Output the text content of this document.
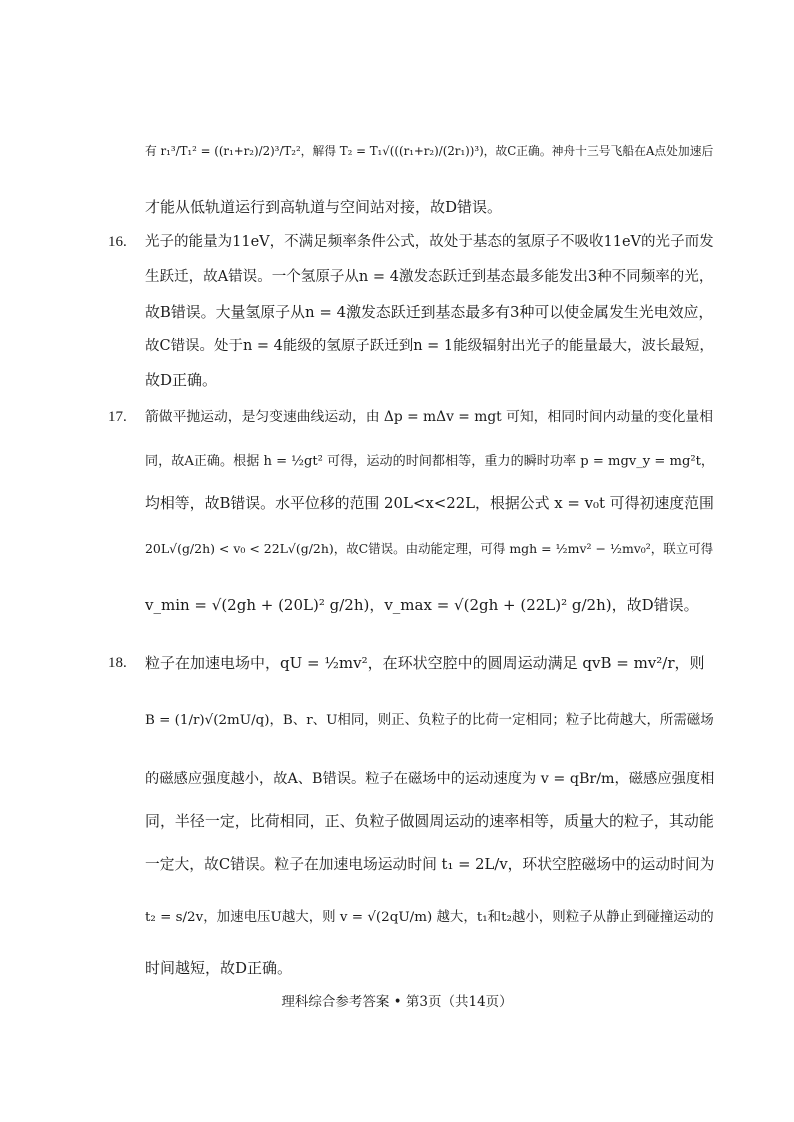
有 r₁³/T₁² = ((r₁+r₂)/2)³/T₂²，解得 T₂ = T₁√(((r₁+r₂)/(2r₁))³)，故C正确。神舟十三号飞船在A点处加速后
才能从低轨道运行到高轨道与空间站对接，故D错误。
16. 光子的能量为11eV，不满足频率条件公式，故处于基态的氢原子不吸收11eV的光子而发
生跃迁，故A错误。一个氢原子从n = 4激发态跃迁到基态最多能发出3种不同频率的光，
故B错误。大量氢原子从n = 4激发态跃迁到基态最多有3种可以使金属发生光电效应，
故C错误。处于n = 4能级的氢原子跃迁到n = 1能级辐射出光子的能量最大，波长最短，
故D正确。
17. 箭做平抛运动，是匀变速曲线运动，由 Δp = mΔv = mgt 可知，相同时间内动量的变化量相
同，故A正确。根据 h = ½gt² 可得，运动的时间都相等，重力的瞬时功率 p = mgv_y = mg²t，
均相等，故B错误。水平位移的范围 20L<x<22L，根据公式 x = v₀t 可得初速度范围
20L√(g/2h) < v₀ < 22L√(g/2h)，故C错误。由动能定理，可得 mgh = ½mv² − ½mv₀²，联立可得
v_min = √(2gh + (20L)² g/2h)，v_max = √(2gh + (22L)² g/2h)，故D错误。
18. 粒子在加速电场中，qU = ½mv²，在环状空腔中的圆周运动满足 qvB = mv²/r，则
B = (1/r)√(2mU/q)，B、r、U相同，则正、负粒子的比荷一定相同；粒子比荷越大，所需磁场
的磁感应强度越小，故A、B错误。粒子在磁场中的运动速度为 v = qBr/m，磁感应强度相
同，半径一定，比荷相同，正、负粒子做圆周运动的速率相等，质量大的粒子，其动能
一定大，故C错误。粒子在加速电场运动时间 t₁ = 2L/v，环状空腔磁场中的运动时间为
t₂ = s/2v，加速电压U越大，则 v = √(2qU/m) 越大，t₁和t₂越小，则粒子从静止到碰撞运动的
时间越短，故D正确。
理科综合参考答案 • 第3页（共14页）
